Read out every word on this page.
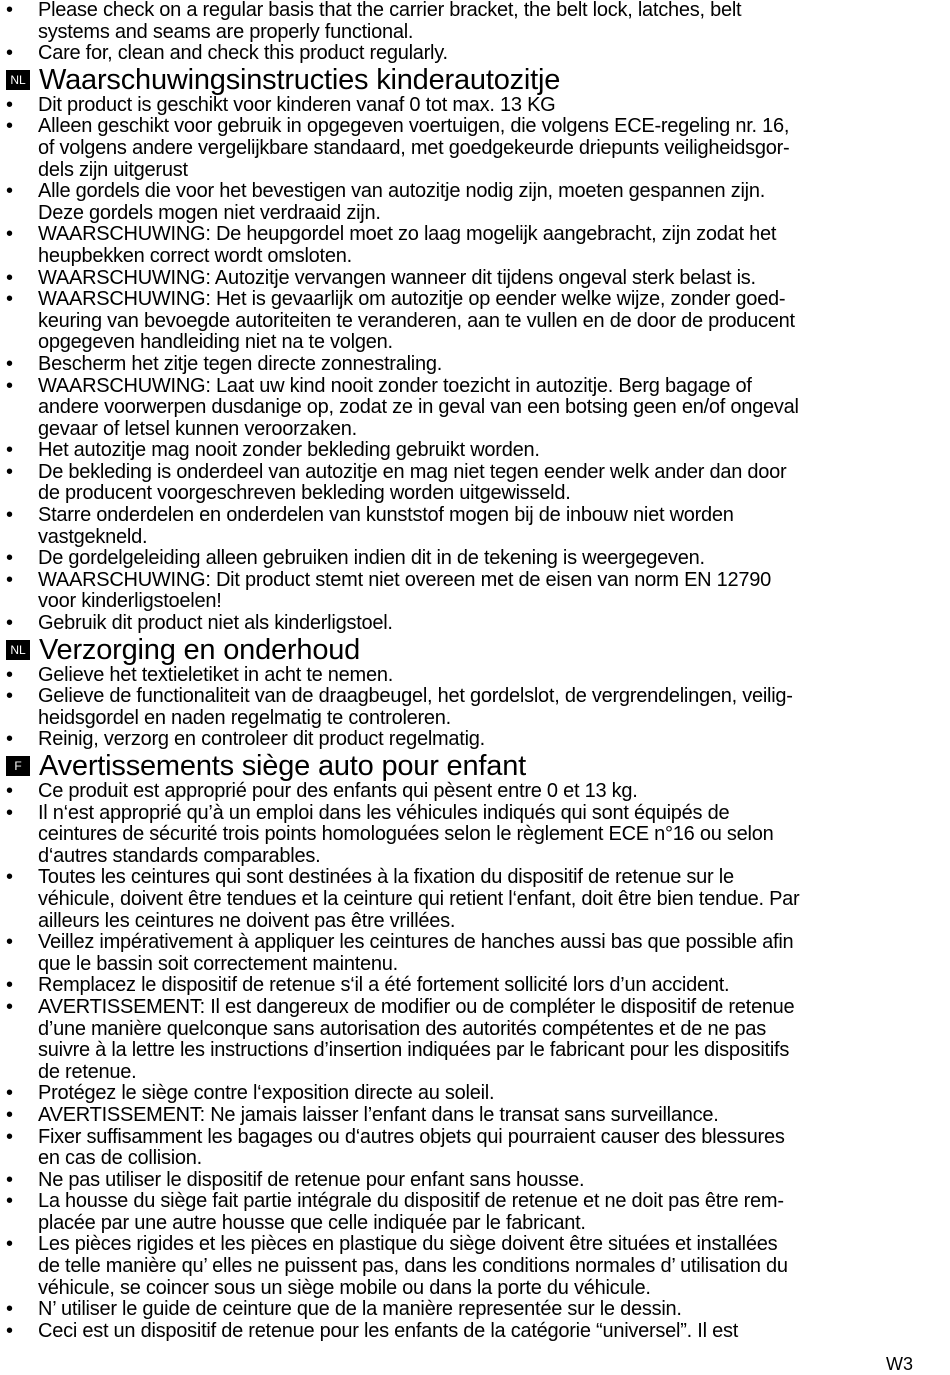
•	Please check on a regular basis that the carrier bracket, the belt lock, latches, belt
systems and seams are properly functional.
•	Care for, clean and check this product regularly.
NL Waarschuwingsinstructies kinderautozitje
•	Dit product is geschikt voor kinderen vanaf 0 tot max. 13 KG
•	Alleen geschikt voor gebruik in opgegeven voertuigen, die volgens ECE-regeling nr. 16,
of volgens andere vergelijkbare standaard, met goedgekeurde driepunts veiligheidsgor-
dels zijn uitgerust
•	Alle gordels die voor het bevestigen van autozitje nodig zijn, moeten gespannen zijn.
Deze gordels mogen niet verdraaid zijn.
•	WAARSCHUWING: De heupgordel moet zo laag mogelijk aangebracht, zijn zodat het
heupbekken correct wordt omsloten.
•	WAARSCHUWING: Autozitje vervangen wanneer dit tijdens ongeval sterk belast is.
•	WAARSCHUWING: Het is gevaarlijk om autozitje op eender welke wijze, zonder goed-
keuring van bevoegde autoriteiten te veranderen, aan te vullen en de door de producent
opgegeven handleiding niet na te volgen.
•	Bescherm het zitje tegen directe zonnestraling.
•	WAARSCHUWING: Laat uw kind nooit zonder toezicht in autozitje. Berg bagage of
andere voorwerpen dusdanige op, zodat ze in geval van een botsing geen en/of ongeval
gevaar of letsel kunnen veroorzaken.
•	Het autozitje mag nooit zonder bekleding gebruikt worden.
•	De bekleding is onderdeel van autozitje en mag niet tegen eender welk ander dan door
de producent voorgeschreven bekleding worden uitgewisseld.
•	Starre onderdelen en onderdelen van kunststof mogen bij de inbouw niet worden
vastgekneld.
•	De gordelgeleiding alleen gebruiken indien dit in de tekening is weergegeven.
•	WAARSCHUWING: Dit product stemt niet overeen met de eisen van norm EN 12790
voor kinderligstoelen!
•	Gebruik dit product niet als kinderligstoel.
NL Verzorging en onderhoud
•	Gelieve het textieletiket in acht te nemen.
•	Gelieve de functionaliteit van de draagbeugel, het gordelslot, de vergrendelingen, veilig-
heidsgordel en naden regelmatig te controleren.
•	Reinig, verzorg en controleer dit product regelmatig.
F Avertissements siège auto pour enfant
•	Ce produit est approprié pour des enfants qui pèsent entre 0 et 13 kg.
•	Il n‘est approprié qu’à un emploi dans les véhicules indiqués qui sont équipés de
ceintures de sécurité trois points homologuées selon le règlement ECE n°16 ou selon
d‘autres standards comparables.
•	Toutes les ceintures qui sont destinées à la fixation du dispositif de retenue sur le
véhicule, doivent être tendues et la ceinture qui retient l‘enfant, doit être bien tendue. Par
ailleurs les ceintures ne doivent pas être vrillées.
•	Veillez impérativement à appliquer les ceintures de hanches aussi bas que possible afin
que le bassin soit correctement maintenu.
•	Remplacez le dispositif de retenue s‘il a été fortement sollicité lors d’un accident.
•	AVERTISSEMENT: Il est dangereux de modifier ou de compléter le dispositif de retenue
d’une manière quelconque sans autorisation des autorités compétentes et de ne pas
suivre à la lettre les instructions d’insertion indiquées par le fabricant pour les dispositifs
de retenue.
•	Protégez le siège contre l‘exposition directe au soleil.
•	AVERTISSEMENT: Ne jamais laisser l’enfant dans le transat sans surveillance.
•	Fixer suffisamment les bagages ou d‘autres objets qui pourraient causer des blessures
en cas de collision.
•	Ne pas utiliser le dispositif de retenue pour enfant sans housse.
•	La housse du siège fait partie intégrale du dispositif de retenue et ne doit pas être rem-
placée par une autre housse que celle indiquée par le fabricant.
•	Les pièces rigides et les pièces en plastique du siège doivent être situées et installées
de telle manière qu’ elles ne puissent pas, dans les conditions normales d’ utilisation du
véhicule, se coincer sous un siège mobile ou dans la porte du véhicule.
•	N’ utiliser le guide de ceinture que de la manière representée sur le dessin.
•	Ceci est un dispositif de retenue pour les enfants de la catégorie “universel”. Il est
W3
